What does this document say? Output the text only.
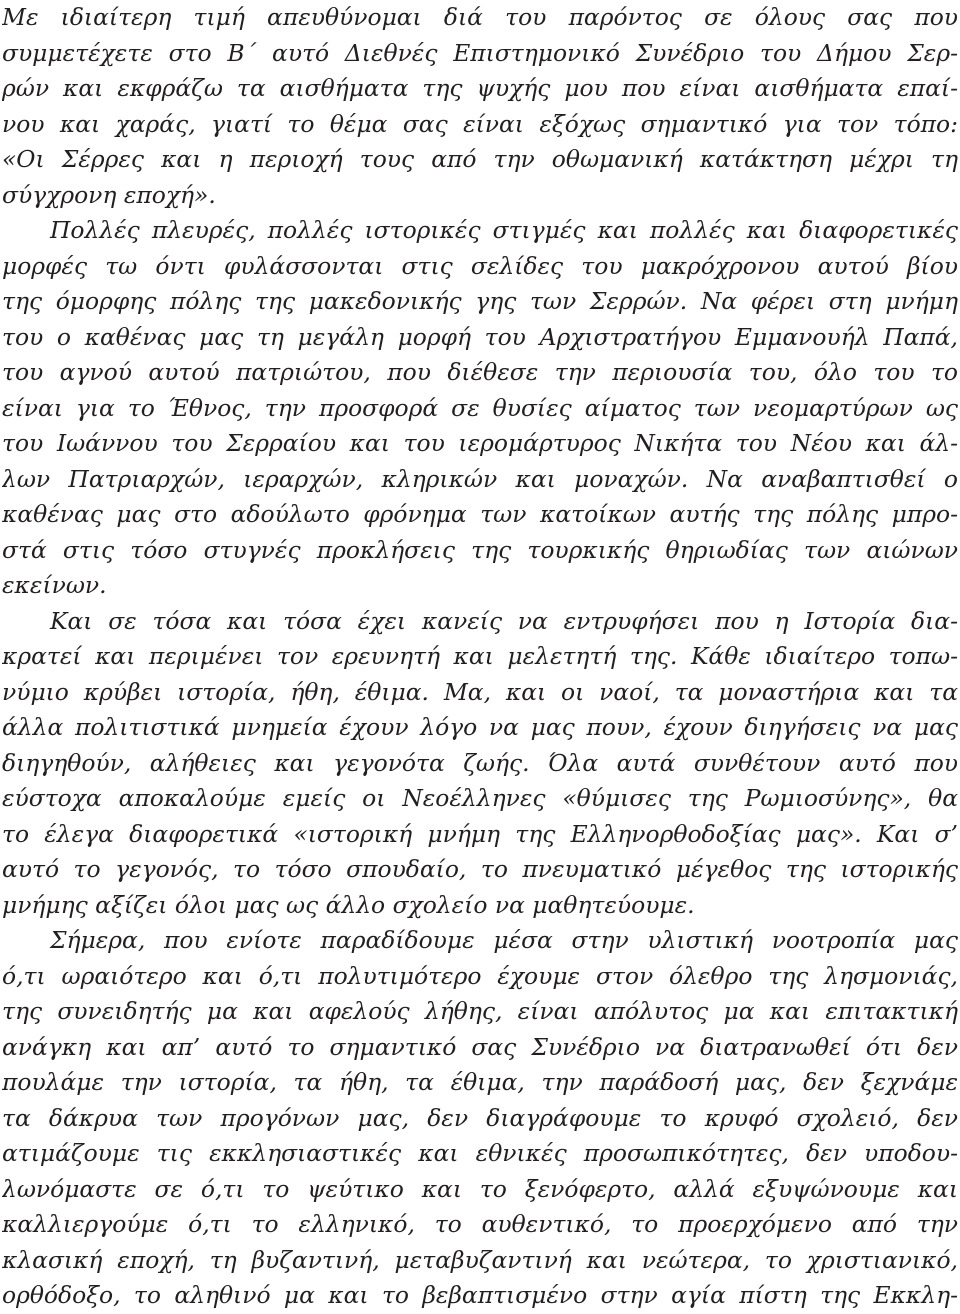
Με ιδιαίτερη τιμή απευθύνομαι διά του παρόντος σε όλους σας που
συμμετέχετε στο Β΄ αυτό Διεθνές Επιστημονικό Συνέδριο του Δήμου Σερ-
ρών και εκφράζω τα αισθήματα της ψυχής μου που είναι αισθήματα επαί-
νου και χαράς, γιατί το θέμα σας είναι εξόχως σημαντικό για τον τόπο:
«Οι Σέρρες και η περιοχή τους από την οθωμανική κατάκτηση μέχρι τη
σύγχρονη εποχή».
Πολλές πλευρές, πολλές ιστορικές στιγμές και πολλές και διαφορετικές
μορφές τω όντι φυλάσσονται στις σελίδες του μακρόχρονου αυτού βίου
της όμορφης πόλης της μακεδονικής γης των Σερρών. Να φέρει στη μνήμη
του ο καθένας μας τη μεγάλη μορφή του Αρχιστρατήγου Εμμανουήλ Παπά,
του αγνού αυτού πατριώτου, που διέθεσε την περιουσία του, όλο του το
είναι για το Έθνος, την προσφορά σε θυσίες αίματος των νεομαρτύρων ως
του Ιωάννου του Σερραίου και του ιερομάρτυρος Νικήτα του Νέου και άλ-
λων Πατριαρχών, ιεραρχών, κληρικών και μοναχών. Να αναβαπτισθεί ο
καθένας μας στο αδούλωτο φρόνημα των κατοίκων αυτής της πόλης μπρο-
στά στις τόσο στυγνές προκλήσεις της τουρκικής θηριωδίας των αιώνων
εκείνων.
Και σε τόσα και τόσα έχει κανείς να εντρυφήσει που η Ιστορία δια-
κρατεί και περιμένει τον ερευνητή και μελετητή της. Κάθε ιδιαίτερο τοπω-
νύμιο κρύβει ιστορία, ήθη, έθιμα. Μα, και οι ναοί, τα μοναστήρια και τα
άλλα πολιτιστικά μνημεία έχουν λόγο να μας πουν, έχουν διηγήσεις να μας
διηγηθούν, αλήθειες και γεγονότα ζωής. Όλα αυτά συνθέτουν αυτό που
εύστοχα αποκαλούμε εμείς οι Νεοέλληνες «θύμισες της Ρωμιοσύνης», θα
το έλεγα διαφορετικά «ιστορική μνήμη της Ελληνορθοδοξίας μας». Και σ’
αυτό το γεγονός, το τόσο σπουδαίο, το πνευματικό μέγεθος της ιστορικής
μνήμης αξίζει όλοι μας ως άλλο σχολείο να μαθητεύουμε.
Σήμερα, που ενίοτε παραδίδουμε μέσα στην υλιστική νοοτροπία μας
ό,τι ωραιότερο και ό,τι πολυτιμότερο έχουμε στον όλεθρο της λησμονιάς,
της συνειδητής μα και αφελούς λήθης, είναι απόλυτος μα και επιτακτική
ανάγκη και απ’ αυτό το σημαντικό σας Συνέδριο να διατρανωθεί ότι δεν
πουλάμε την ιστορία, τα ήθη, τα έθιμα, την παράδοσή μας, δεν ξεχνάμε
τα δάκρυα των προγόνων μας, δεν διαγράφουμε το κρυφό σχολειό, δεν
ατιμάζουμε τις εκκλησιαστικές και εθνικές προσωπικότητες, δεν υποδου-
λωνόμαστε σε ό,τι το ψεύτικο και το ξενόφερτο, αλλά εξυψώνουμε και
καλλιεργούμε ό,τι το ελληνικό, το αυθεντικό, το προερχόμενο από την
κλασική εποχή, τη βυζαντινή, μεταβυζαντινή και νεώτερα, το χριστιανικό,
ορθόδοξο, το αληθινό μα και το βεβαπτισμένο στην αγία πίστη της Εκκλη-
